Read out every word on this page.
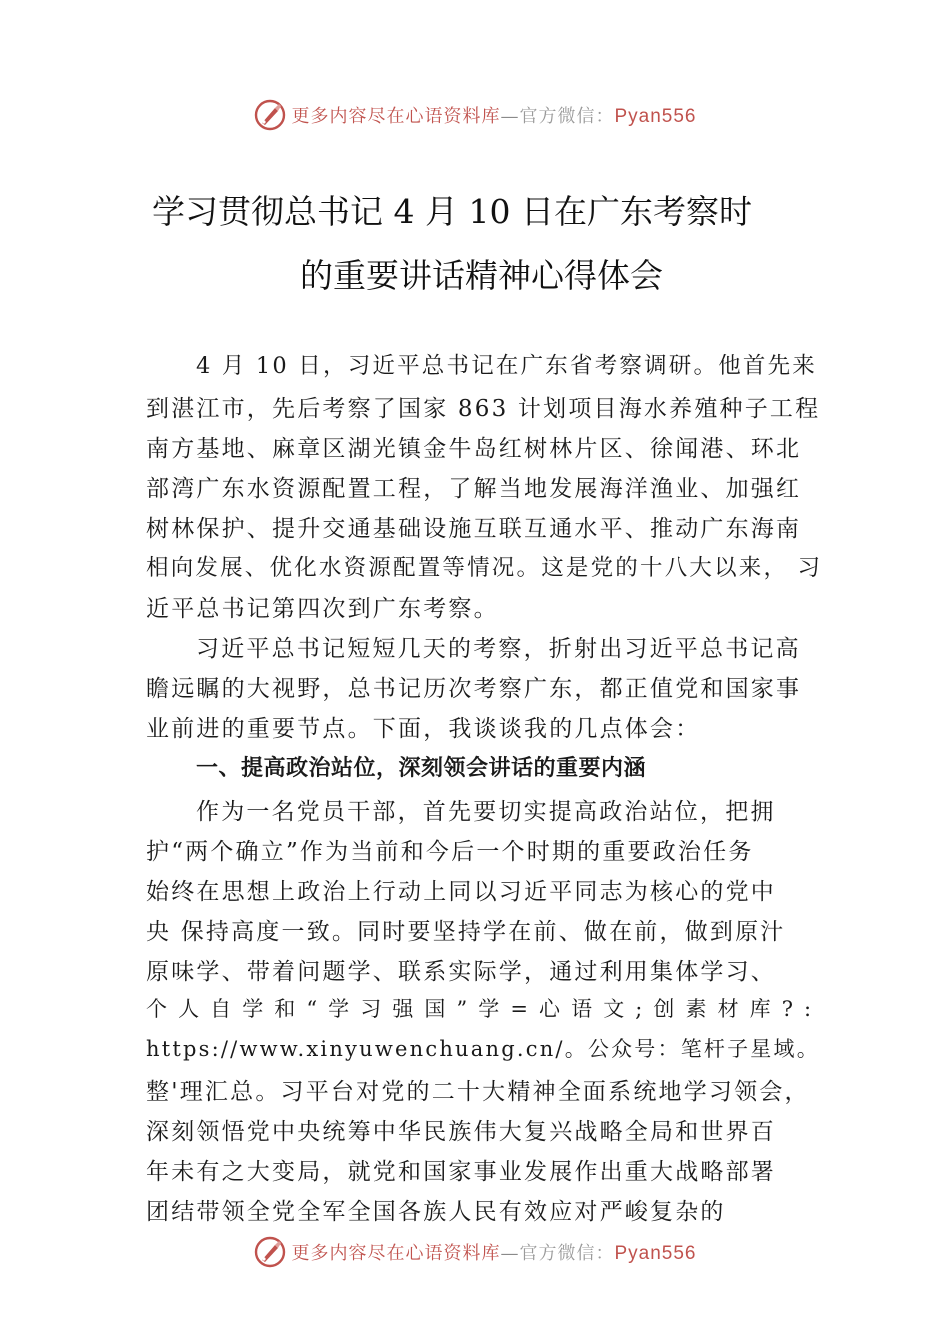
更多内容尽在心语资料库—官方微信：Pyan556
学习贯彻总书记 4 月 10 日在广东考察时
的重要讲话精神心得体会
4 月 10 日，习近平总书记在广东省考察调研。他首先来
到湛江市，先后考察了国家 863 计划项目海水养殖种子工程
南方基地、麻章区湖光镇金牛岛红树林片区、徐闻港、环北
部湾广东水资源配置工程，了解当地发展海洋渔业、加强红
树林保护、提升交通基础设施互联互通水平、推动广东海南
相向发展、优化水资源配置等情况。这是党的十八大以来， 习
近平总书记第四次到广东考察。
习近平总书记短短几天的考察，折射出习近平总书记高
瞻远瞩的大视野，总书记历次考察广东，都正值党和国家事
业前进的重要节点。下面，我谈谈我的几点体会：
一、提高政治站位，深刻领会讲话的重要内涵
作为一名党员干部，首先要切实提高政治站位，把拥
护“两个确立”作为当前和今后一个时期的重要政治任务
始终在思想上政治上行动上同以习近平同志为核心的党中
央 保持高度一致。同时要坚持学在前、做在前，做到原汁
原味学、带着问题学、联系实际学，通过利用集体学习、
个 人 自 学 和 “ 学 习 强 国 ” 学 = 心 语 文 ; 创 素 材 库 ? :
https://www.xinyuwenchuang.cn/。公众号：笔杆子星域。
整'理汇总。习平台对党的二十大精神全面系统地学习领会，
深刻领悟党中央统筹中华民族伟大复兴战略全局和世界百
年未有之大变局，就党和国家事业发展作出重大战略部署
团结带领全党全军全国各族人民有效应对严峻复杂的
更多内容尽在心语资料库—官方微信：Pyan556
